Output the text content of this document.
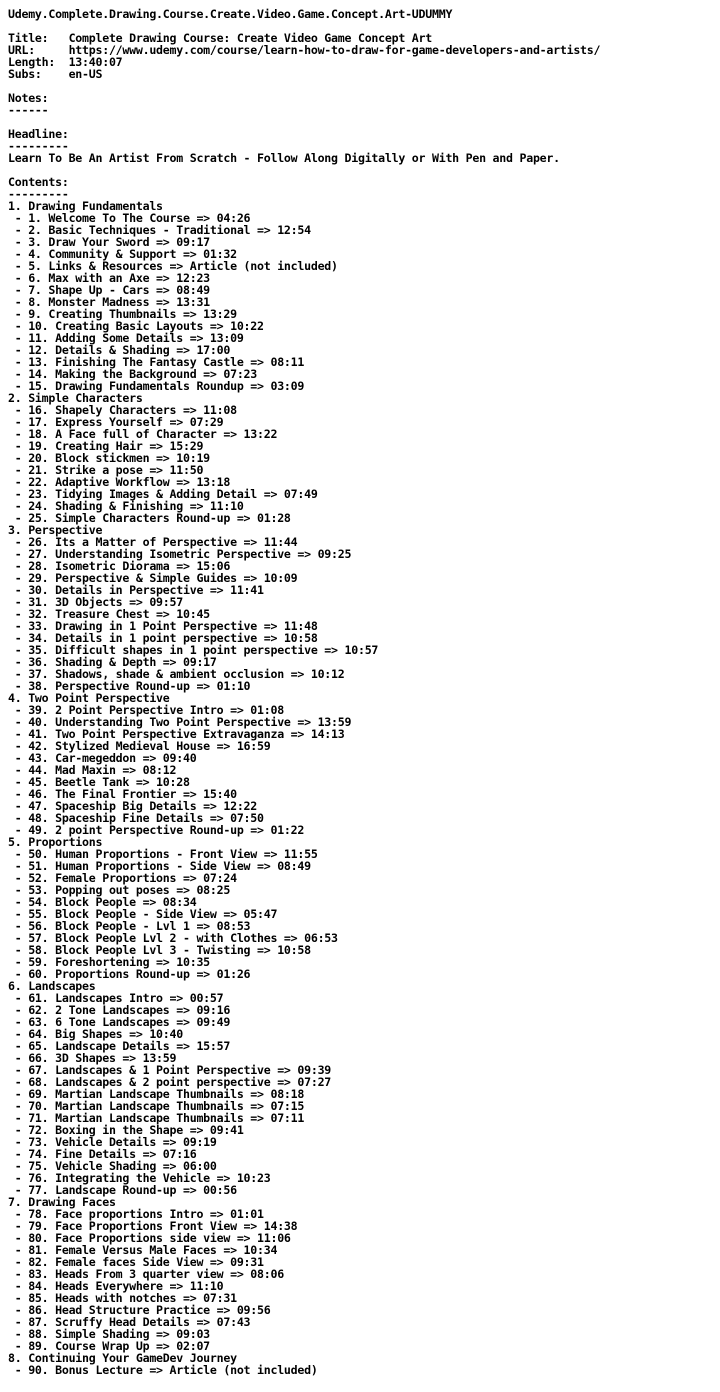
Udemy.Complete.Drawing.Course.Create.Video.Game.Concept.Art-UDUMMY

Title:   Complete Drawing Course: Create Video Game Concept Art
URL:     https://www.udemy.com/course/learn-how-to-draw-for-game-developers-and-artists/
Length:  13:40:07
Subs:    en-US

Notes:
------

Headline:
---------
Learn To Be An Artist From Scratch - Follow Along Digitally or With Pen and Paper.

Contents:
---------
1. Drawing Fundamentals
- 1. Welcome To The Course => 04:26
- 2. Basic Techniques - Traditional => 12:54
- 3. Draw Your Sword => 09:17
- 4. Community & Support => 01:32
- 5. Links & Resources => Article (not included)
- 6. Max with an Axe => 12:23
- 7. Shape Up - Cars => 08:49
- 8. Monster Madness => 13:31
- 9. Creating Thumbnails => 13:29
- 10. Creating Basic Layouts => 10:22
- 11. Adding Some Details => 13:09
- 12. Details & Shading => 17:00
- 13. Finishing The Fantasy Castle => 08:11
- 14. Making the Background => 07:23
- 15. Drawing Fundamentals Roundup => 03:09
2. Simple Characters
- 16. Shapely Characters => 11:08
- 17. Express Yourself => 07:29
- 18. A Face full of Character => 13:22
- 19. Creating Hair => 15:29
- 20. Block stickmen => 10:19
- 21. Strike a pose => 11:50
- 22. Adaptive Workflow => 13:18
- 23. Tidying Images & Adding Detail => 07:49
- 24. Shading & Finishing => 11:10
- 25. Simple Characters Round-up => 01:28
3. Perspective
- 26. Its a Matter of Perspective => 11:44
- 27. Understanding Isometric Perspective => 09:25
- 28. Isometric Diorama => 15:06
- 29. Perspective & Simple Guides => 10:09
- 30. Details in Perspective => 11:41
- 31. 3D Objects => 09:57
- 32. Treasure Chest => 10:45
- 33. Drawing in 1 Point Perspective => 11:48
- 34. Details in 1 point perspective => 10:58
- 35. Difficult shapes in 1 point perspective => 10:57
- 36. Shading & Depth => 09:17
- 37. Shadows, shade & ambient occlusion => 10:12
- 38. Perspective Round-up => 01:10
4. Two Point Perspective
- 39. 2 Point Perspective Intro => 01:08
- 40. Understanding Two Point Perspective => 13:59
- 41. Two Point Perspective Extravaganza => 14:13
- 42. Stylized Medieval House => 16:59
- 43. Car-megeddon => 09:40
- 44. Mad Maxin => 08:12
- 45. Beetle Tank => 10:28
- 46. The Final Frontier => 15:40
- 47. Spaceship Big Details => 12:22
- 48. Spaceship Fine Details => 07:50
- 49. 2 point Perspective Round-up => 01:22
5. Proportions
- 50. Human Proportions - Front View => 11:55
- 51. Human Proportions - Side View => 08:49
- 52. Female Proportions => 07:24
- 53. Popping out poses => 08:25
- 54. Block People => 08:34
- 55. Block People - Side View => 05:47
- 56. Block People - Lvl 1 => 08:53
- 57. Block People Lvl 2 - with Clothes => 06:53
- 58. Block People Lvl 3 - Twisting => 10:58
- 59. Foreshortening => 10:35
- 60. Proportions Round-up => 01:26
6. Landscapes
- 61. Landscapes Intro => 00:57
- 62. 2 Tone Landscapes => 09:16
- 63. 6 Tone Landscapes => 09:49
- 64. Big Shapes => 10:40
- 65. Landscape Details => 15:57
- 66. 3D Shapes => 13:59
- 67. Landscapes & 1 Point Perspective => 09:39
- 68. Landscapes & 2 point perspective => 07:27
- 69. Martian Landscape Thumbnails => 08:18
- 70. Martian Landscape Thumbnails => 07:15
- 71. Martian Landscape Thumbnails => 07:11
- 72. Boxing in the Shape => 09:41
- 73. Vehicle Details => 09:19
- 74. Fine Details => 07:16
- 75. Vehicle Shading => 06:00
- 76. Integrating the Vehicle => 10:23
- 77. Landscape Round-up => 00:56
7. Drawing Faces
- 78. Face proportions Intro => 01:01
- 79. Face Proportions Front View => 14:38
- 80. Face Proportions side view => 11:06
- 81. Female Versus Male Faces => 10:34
- 82. Female faces Side View => 09:31
- 83. Heads From 3 quarter view => 08:06
- 84. Heads Everywhere => 11:10
- 85. Heads with notches => 07:31
- 86. Head Structure Practice => 09:56
- 87. Scruffy Head Details => 07:43
- 88. Simple Shading => 09:03
- 89. Course Wrap Up => 02:07
8. Continuing Your GameDev Journey
- 90. Bonus Lecture => Article (not included)
